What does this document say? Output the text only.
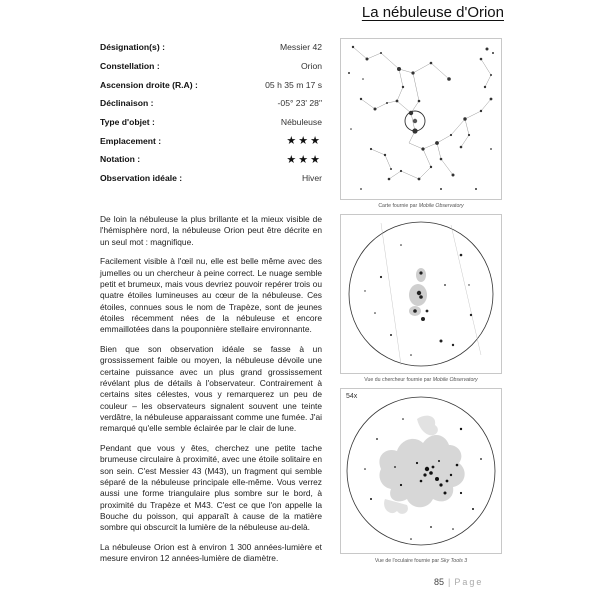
La nébuleuse d'Orion
Désignation(s) :	Messier 42
Constellation :	Orion
Ascension droite (R.A) :	05 h 35 m 17 s
Déclinaison :	-05° 23' 28"
Type d'objet :	Nébuleuse
Emplacement :	★★★
Notation :	★★★
Observation idéale :	Hiver

De loin la nébuleuse la plus brillante et la mieux visible de l'hémisphère nord, la nébuleuse Orion peut être décrite en un seul mot : magnifique.

Facilement visible à l'œil nu, elle est belle même avec des jumelles ou un chercheur à peine correct. Le nuage semble petit et brumeux, mais vous devriez pouvoir repérer trois ou quatre étoiles lumineuses au cœur de la nébuleuse. Ces étoiles, connues sous le nom de Trapèze, sont de jeunes étoiles récemment nées de la nébuleuse et encore emmaillotées dans la pouponnière stellaire environnante.

Bien que son observation idéale se fasse à un grossissement faible ou moyen, la nébuleuse dévoile une certaine puissance avec un plus grand grossissement révélant plus de détails à l'observateur. Contrairement à certains sites célestes, vous y remarquerez un peu de couleur – les observateurs signalent souvent une teinte verdâtre, la nébuleuse apparaissant comme une fumée. J'ai remarqué qu'elle semble éclairée par le clair de lune.

Pendant que vous y êtes, cherchez une petite tache brumeuse circulaire à proximité, avec une étoile solitaire en son sein. C'est Messier 43 (M43), un fragment qui semble séparé de la nébuleuse principale elle-même. Vous verrez aussi une forme triangulaire plus sombre sur le bord, à proximité du Trapèze et M43. C'est ce que l'on appelle la Bouche du poisson, qui apparaît à cause de la matière sombre qui obscurcit la lumière de la nébuleuse au-delà.

La nébuleuse Orion est à environ 1 300 années-lumière et mesure environ 12 années-lumière de diamètre.

Carte fournie par Mobile Observatory
Vue du chercheur fournie par Mobile Observatory
54x
Vue de l'oculaire fournie par Sky Tools 3
85 | Page
